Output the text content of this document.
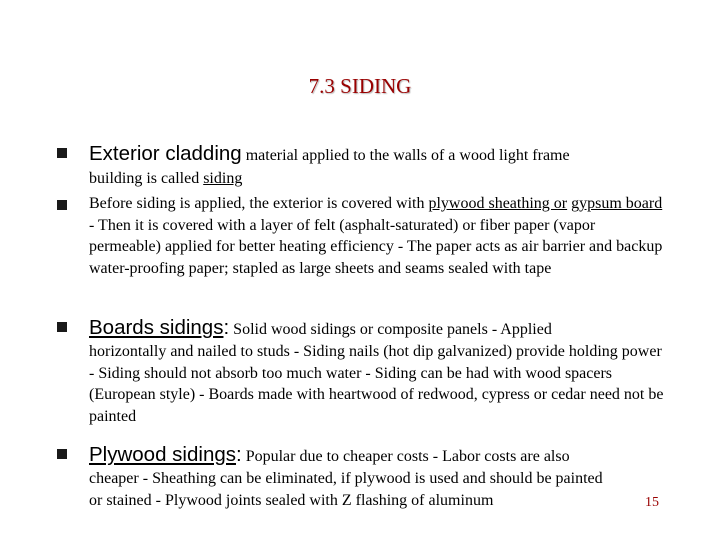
7.3 SIDING
Exterior cladding material applied to the walls of a wood light frame
building is called siding
Before siding is applied, the exterior is covered with plywood sheathing or gypsum board - Then it is covered with a layer of felt (asphalt-saturated) or fiber paper (vapor permeable) applied for better heating efficiency - The paper acts as air barrier and backup water-proofing paper; stapled as large sheets and seams sealed with tape
Boards sidings: Solid wood sidings or composite panels - Applied
horizontally and nailed to studs - Siding nails (hot dip galvanized) provide holding power - Siding should not absorb too much water - Siding can be had with wood spacers (European style) - Boards made with heartwood of redwood, cypress or cedar need not be painted
Plywood sidings: Popular due to cheaper costs - Labor costs are also
cheaper - Sheathing can be eliminated, if plywood is used and should be painted or stained - Plywood joints sealed with Z flashing of aluminum	15
